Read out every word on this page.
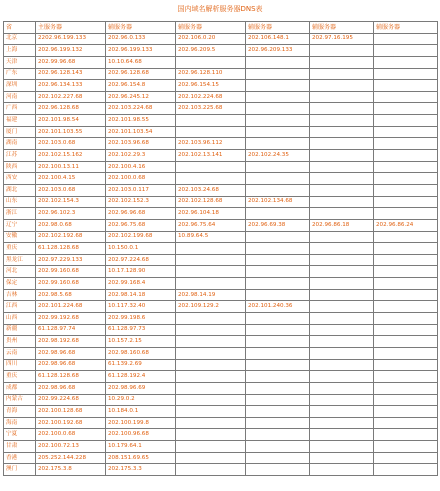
国内域名解析服务器DNS表
省	主服务器	辅服务器	辅服务器	辅服务器	辅服务器	辅服务器
北京	2202.96.199.133	202.96.0.133	202.106.0.20	202.106.148.1	202.97.16.195	
上海	202.96.199.132	202.96.199.133	202.96.209.5	202.96.209.133		
天津	202.99.96.68	10.10.64.68				
广东	202.96.128.143	202.96.128.68	202.96.128.110			
深圳	202.96.134.133	202.96.154.8	202.96.154.15			
河南	202.102.227.68	202.96.245.12	202.102.224.68			
广西	202.96.128.68	202.103.224.68	202.103.225.68			
福建	202.101.98.54	202.101.98.55				
厦门	202.101.103.55	202.101.103.54				
湖南	202.103.0.68	202.103.96.68	202.103.96.112			
江苏	202.102.15.162	202.102.29.3	202.102.13.141	202.102.24.35		
陕西	202.100.13.11	202.100.4.16				
西安	202.100.4.15	202.100.0.68				
湖北	202.103.0.68	202.103.0.117	202.103.24.68			
山东	202.102.154.3	202.102.152.3	202.102.128.68	202.102.134.68		
浙江	202.96.102.3	202.96.96.68	202.96.104.18			
辽宁	202.98.0.68	202.96.75.68	202.96.75.64	202.96.69.38	202.96.86.18	202.96.86.24
安徽	202.102.192.68	202.102.199.68	10.89.64.5			
重庆	61.128.128.68	10.150.0.1				
黑龙江	202.97.229.133	202.97.224.68				
河北	202.99.160.68	10.17.128.90				
保定	202.99.160.68	202.99.168.4				
吉林	202.98.5.68	202.98.14.18	202.98.14.19			
江西	202.101.224.68	10.117.32.40	202.109.129.2	202.101.240.36		
山西	202.99.192.68	202.99.198.6				
新疆	61.128.97.74	61.128.97.73				
贵州	202.98.192.68	10.157.2.15				
云南	202.98.96.68	202.98.160.68				
四川	202.98.96.68	61.139.2.69				
重庆	61.128.128.68	61.128.192.4				
成都	202.98.96.68	202.98.96.69				
内蒙古	202.99.224.68	10.29.0.2				
青海	202.100.128.68	10.184.0.1				
海南	202.100.192.68	202.100.199.8				
宁夏	202.100.0.68	202.100.96.68				
甘肃	202.100.72.13	10.179.64.1				
香港	205.252.144.228	208.151.69.65				
澳门	202.175.3.8	202.175.3.3				
